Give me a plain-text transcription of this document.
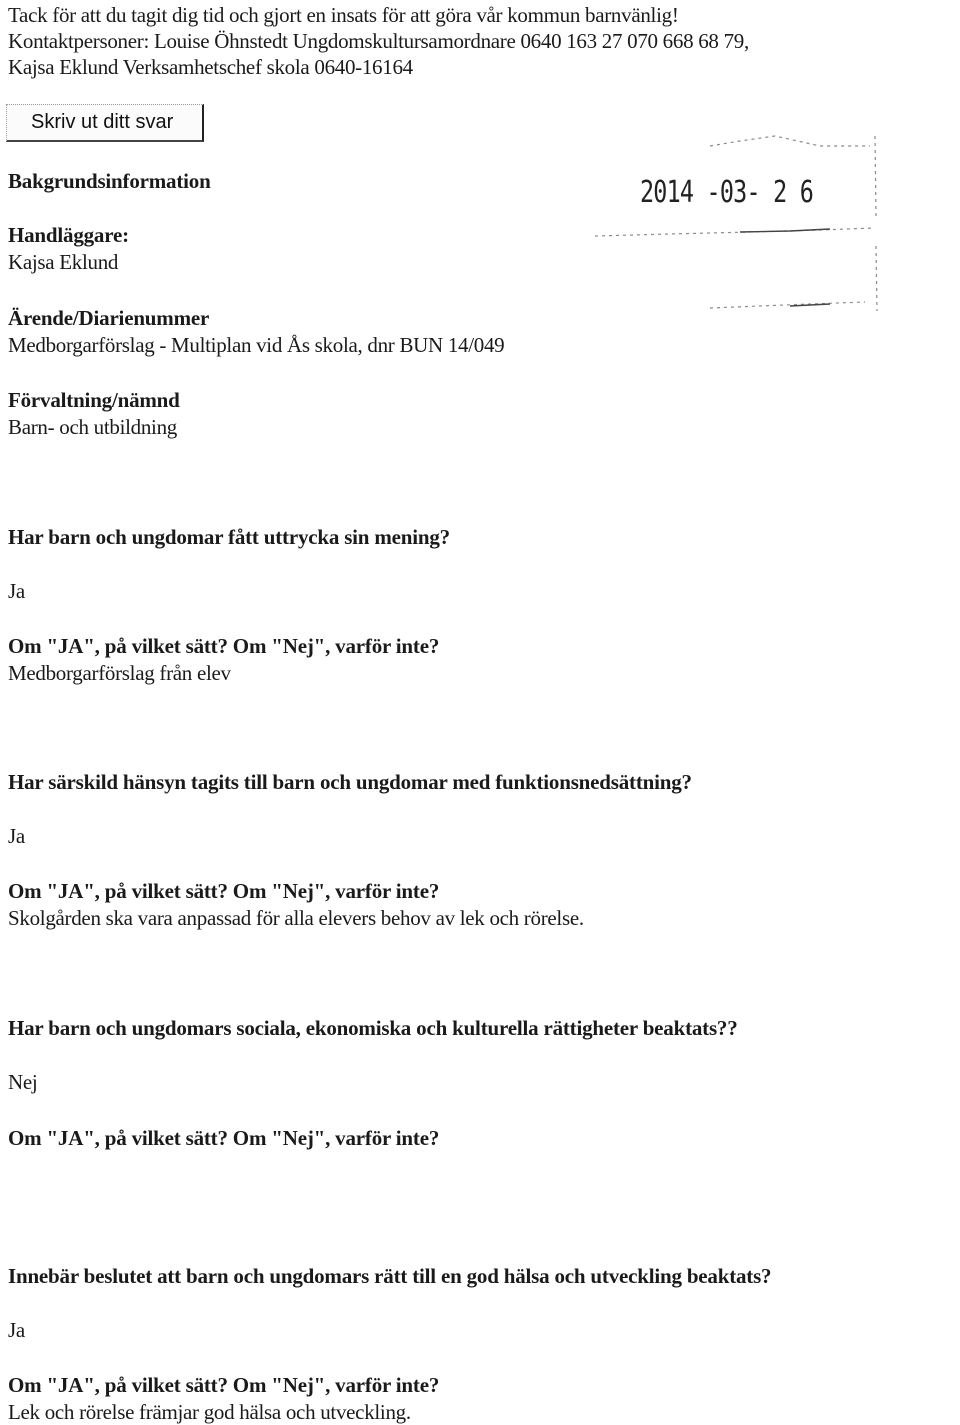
Tack för att du tagit dig tid och gjort en insats för att göra vår kommun barnvänlig!
Kontaktpersoner: Louise Öhnstedt Ungdomskultursamordnare 0640 163 27 070 668 68 79,
Kajsa Eklund Verksamhetschef skola 0640-16164
Skriv ut ditt svar
2014 -03- 2 6
Bakgrundsinformation
Handläggare:
Kajsa Eklund
Ärende/Diarienummer
Medborgarförslag - Multiplan vid Ås skola, dnr BUN 14/049
Förvaltning/nämnd
Barn- och utbildning
Har barn och ungdomar fått uttrycka sin mening?
Ja
Om "JA", på vilket sätt? Om "Nej", varför inte?
Medborgarförslag från elev
Har särskild hänsyn tagits till barn och ungdomar med funktionsnedsättning?
Ja
Om "JA", på vilket sätt? Om "Nej", varför inte?
Skolgården ska vara anpassad för alla elevers behov av lek och rörelse.
Har barn och ungdomars sociala, ekonomiska och kulturella rättigheter beaktats??
Nej
Om "JA", på vilket sätt? Om "Nej", varför inte?
Innebär beslutet att barn och ungdomars rätt till en god hälsa och utveckling beaktats?
Ja
Om "JA", på vilket sätt? Om "Nej", varför inte?
Lek och rörelse främjar god hälsa och utveckling.
